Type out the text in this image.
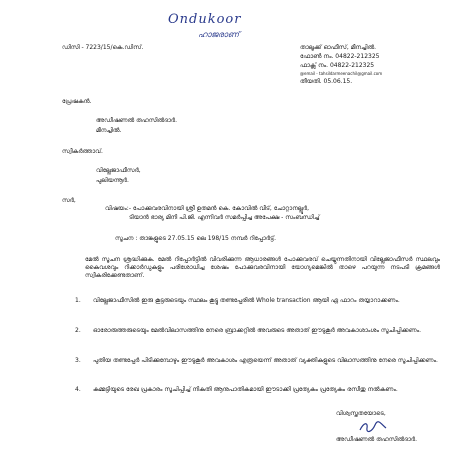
Ondukoor
ഹാജരാണ്
ഡിസി - 7223/15/കെ.ഡിസ്.	താലൂക്ക് ഓഫീസ്, മീനച്ചിൽ.
ഫോൺ നം. 04822-212325
ഫാക്സ് നം. 04822-212325
@email - tahsildarmeenachil@gmail.com
തീയതി. 05.06.15.
പ്രേഷകൻ.
അഡീഷണൽ തഹസിൽദാർ.
മീനച്ചിൽ.
സ്വീകർത്താവ്.
വില്ലേജാഫീസർ,
പുലിയന്നൂർ.
സർ,
വിഷയം:- പോക്കുവരവിനായി ശ്രീ ഉതമൻ കെ. കോവിൽ വീട്, ചോറ്റാനല്ലൂർ,
ടിയാൻ ഭാര്യ മിനി പി.ജി. എന്നിവർ സമർപ്പിച്ച അപേക്ഷ - സംബന്ധിച്ച്
സൂചന : താങ്കളുടെ 27.05.15 ലെ 198/15 നമ്പർ റിപ്പോർട്ട്.
മേൽ സൂചന ശ്രദ്ധിക്കുക. മേൽ റിപ്പോർട്ടിൽ വിവരിക്കുന്ന ആധാരങ്ങൾ പോക്കുവരവ് ചെയ്യുന്നതിനായി വില്ലേജാഫീസർ സ്ഥലവും കൈവശവും റിക്കാർഡുകളും പരിശോധിച്ച ശേഷം പോക്കുവരവിനായി യോഗ്യമെങ്കിൽ താഴെ പറയുന്ന നടപടി ക്രമങ്ങൾ സ്വീകരിക്കേണ്ടതാണ്.
1.	വില്ലേജാഫീസിൽ ഇരു കൂട്ടരുടെയും സ്ഥലം കൂട്ടു തണ്ടപ്പേരിൽ Whole transaction ആയി ഏ ഫാറം തയ്യാറാക്കണം.
2.	ഓരോരുത്തരുടെയും മേൽവിലാസത്തിനു നേരെ ബ്രാക്കറ്റിൽ അവരുടെ അതാത് ഈടുകൂർ അവകാശാംശം സൂചിപ്പിക്കണം.
3.	പുതിയ തണ്ടപ്പേർ പിടിക്കുമ്പോഴും ഈടുകൂർ അവകാശം എത്രയെന്ന് അതാത് വ്യക്തികളുടെ വിലാസത്തിനു നേരെ സൂചിപ്പിക്കണം.
4.	കമ്മട്ടിയുടെ രേഖ പ്രകാരം സൂചിപ്പിച്ച് നികുതി ആനുപാതികമായി ഈടാക്കി പ്രത്യേകം പ്രത്യേകം രസീതു നൽകണം.
വിശ്വസ്തതയോടെ,
അഡീഷണൽ തഹസിൽദാർ.
